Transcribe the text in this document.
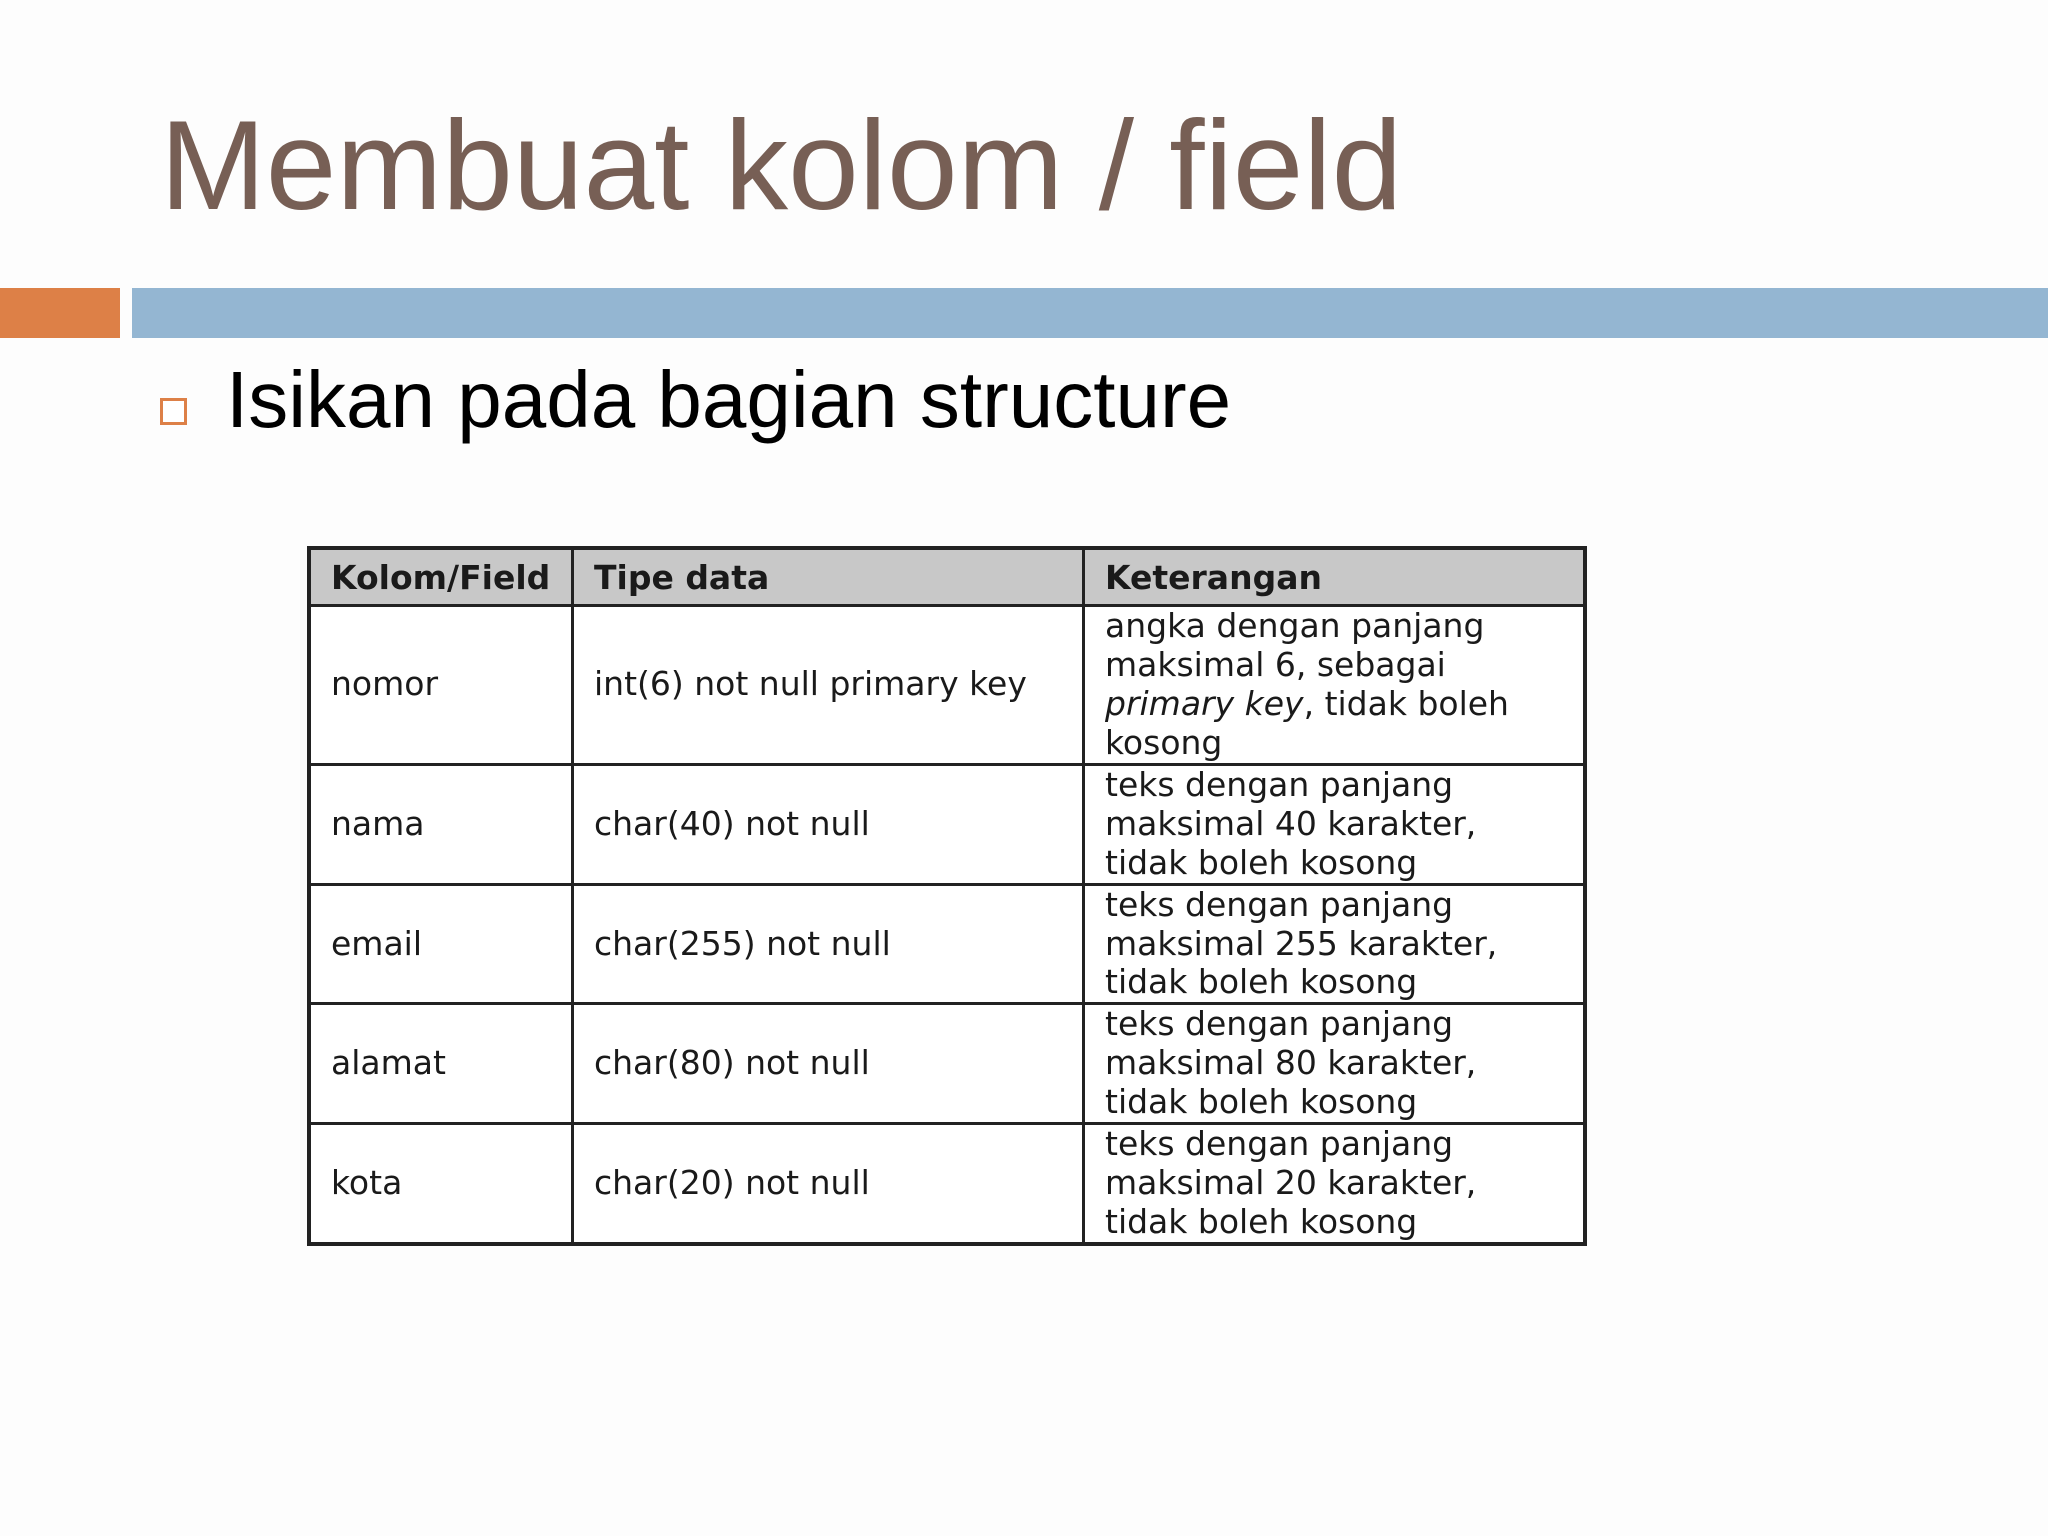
Membuat kolom / field
Isikan pada bagian structure
Kolom/Field	Tipe data	Keterangan
nomor	int(6) not null primary key	angka dengan panjang maksimal 6, sebagai primary key, tidak boleh kosong
nama	char(40) not null	teks dengan panjang maksimal 40 karakter, tidak boleh kosong
email	char(255) not null	teks dengan panjang maksimal 255 karakter, tidak boleh kosong
alamat	char(80) not null	teks dengan panjang maksimal 80 karakter, tidak boleh kosong
kota	char(20) not null	teks dengan panjang maksimal 20 karakter, tidak boleh kosong
